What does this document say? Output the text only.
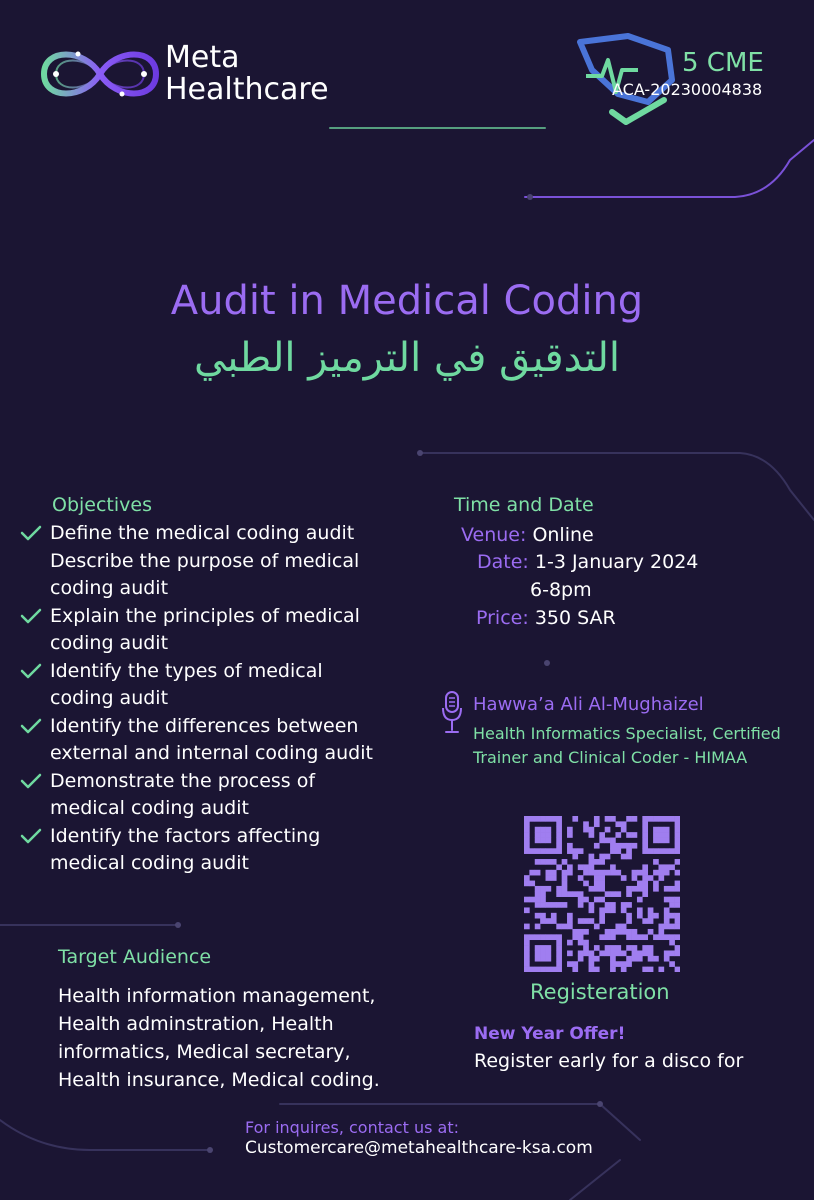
Meta
Healthcare
5 CME
ACA-20230004838
Audit in Medical Coding
التدقيق في الترميز الطبي
Objectives
Define the medical coding audit
Describe the purpose of medical coding audit
Explain the principles of medical coding audit
Identify the types of medical coding audit
Identify the differences between external and internal coding audit
Demonstrate the process of medical coding audit
Identify the factors affecting medical coding audit
Time and Date
Venue: Online
Date: 1-3 January 2024
6-8pm
Price: 350 SAR
Hawwa’a Ali Al-Mughaizel
Health Informatics Specialist, Certified Trainer and Clinical Coder - HIMAA
Registeration
New Year Offer!
Register early for a disco for
Target Audience
Health information management, Health adminstration, Health informatics, Medical secretary, Health insurance, Medical coding.
For inquires, contact us at:
Customercare@metahealthcare-ksa.com
